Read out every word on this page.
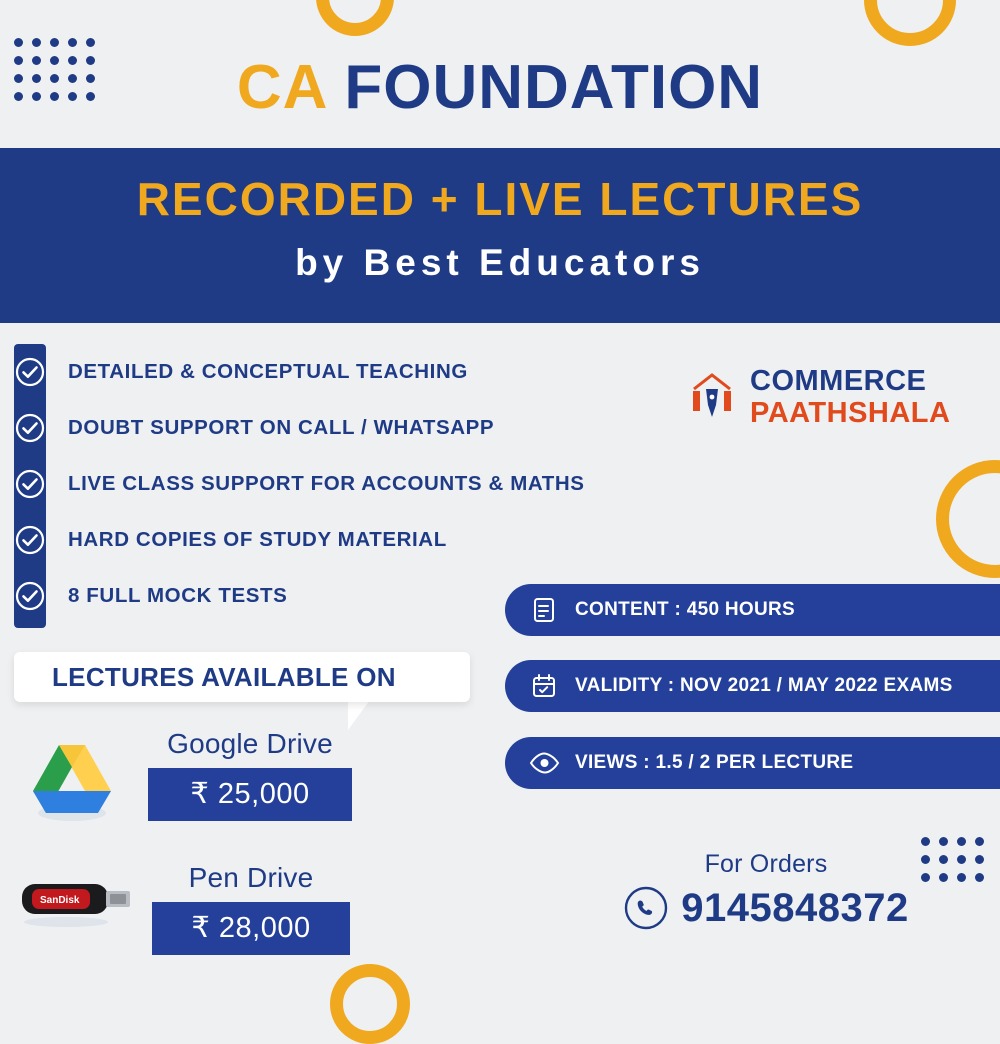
CA FOUNDATION
RECORDED + LIVE LECTURES
by Best Educators
DETAILED & CONCEPTUAL TEACHING
DOUBT SUPPORT ON CALL / WHATSAPP
LIVE CLASS SUPPORT FOR ACCOUNTS & MATHS
HARD COPIES OF STUDY MATERIAL
8 FULL MOCK TESTS
COMMERCE
PAATHSHALA
CONTENT : 450 HOURS
VALIDITY : NOV 2021 / MAY 2022 EXAMS
VIEWS : 1.5 / 2 PER LECTURE
LECTURES AVAILABLE ON
Google Drive
₹ 25,000
SanDisk
Pen Drive
₹ 28,000
For Orders
9145848372
